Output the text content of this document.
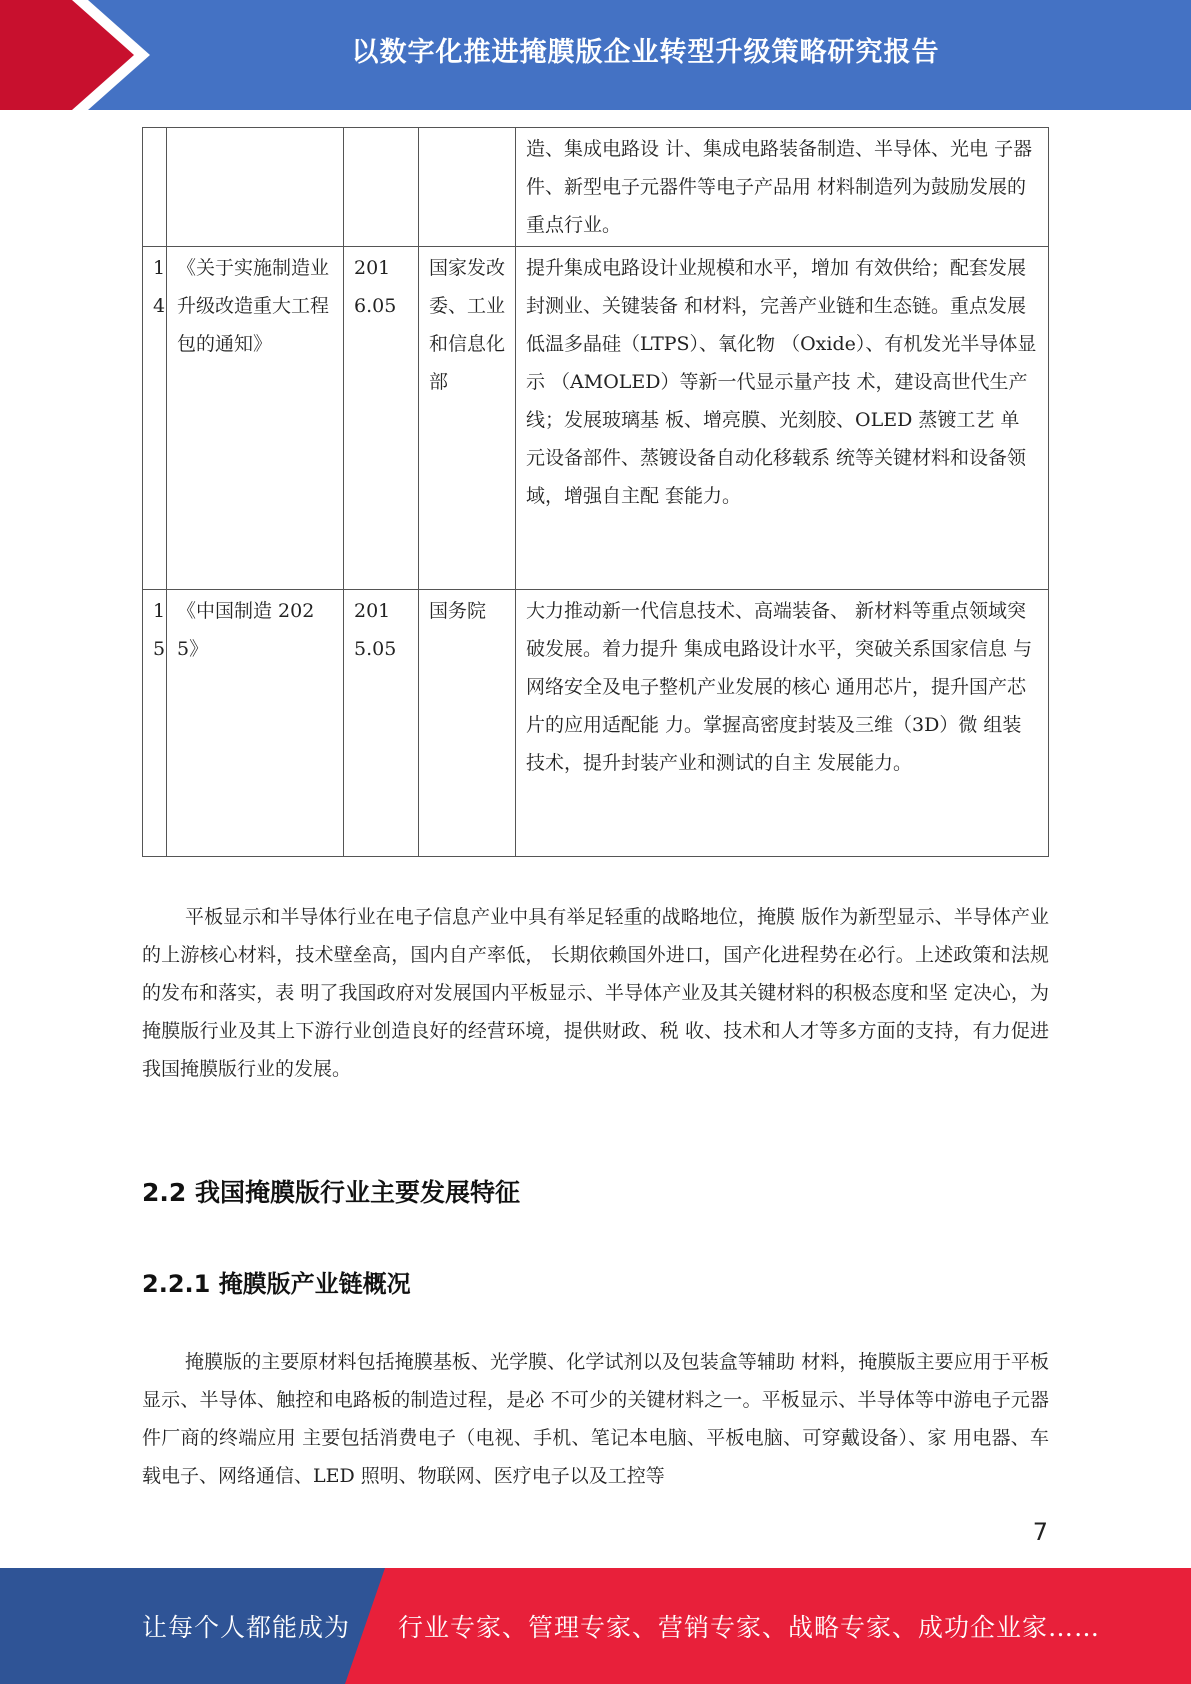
以数字化推进掩膜版企业转型升级策略研究报告
				造、集成电路设 计、集成电路装备制造、半导体、光电 子器件、新型电子元器件等电子产品用 材料制造列为鼓励发展的重点行业。
14	《关于实施制造业升级改造重大工程包的通知》	2016.05	国家发改委、工业和信息化部	提升集成电路设计业规模和水平，增加 有效供给；配套发展封测业、关键装备 和材料，完善产业链和生态链。重点发展低温多晶硅（LTPS）、氧化物 （Oxide）、有机发光半导体显示 （AMOLED）等新一代显示量产技 术，建设高世代生产线；发展玻璃基 板、增亮膜、光刻胶、OLED 蒸镀工艺 单元设备部件、蒸镀设备自动化移载系 统等关键材料和设备领域，增强自主配 套能力。
15	《中国制造 2025》	2015.05	国务院	大力推动新一代信息技术、高端装备、 新材料等重点领域突破发展。着力提升 集成电路设计水平，突破关系国家信息 与网络安全及电子整机产业发展的核心 通用芯片，提升国产芯片的应用适配能 力。掌握高密度封装及三维（3D）微 组装技术，提升封装产业和测试的自主 发展能力。

平板显示和半导体行业在电子信息产业中具有举足轻重的战略地位，掩膜 版作为新型显示、半导体产业的上游核心材料，技术壁垒高，国内自产率低， 长期依赖国外进口，国产化进程势在必行。上述政策和法规的发布和落实，表 明了我国政府对发展国内平板显示、半导体产业及其关键材料的积极态度和坚 定决心，为掩膜版行业及其上下游行业创造良好的经营环境，提供财政、税 收、技术和人才等多方面的支持，有力促进我国掩膜版行业的发展。

2.2 我国掩膜版行业主要发展特征
2.2.1 掩膜版产业链概况

掩膜版的主要原材料包括掩膜基板、光学膜、化学试剂以及包装盒等辅助 材料，掩膜版主要应用于平板显示、半导体、触控和电路板的制造过程，是必 不可少的关键材料之一。平板显示、半导体等中游电子元器件厂商的终端应用 主要包括消费电子（电视、手机、笔记本电脑、平板电脑、可穿戴设备）、家 用电器、车载电子、网络通信、LED 照明、物联网、医疗电子以及工控等

7
让每个人都能成为 行业专家、管理专家、营销专家、战略专家、成功企业家……
